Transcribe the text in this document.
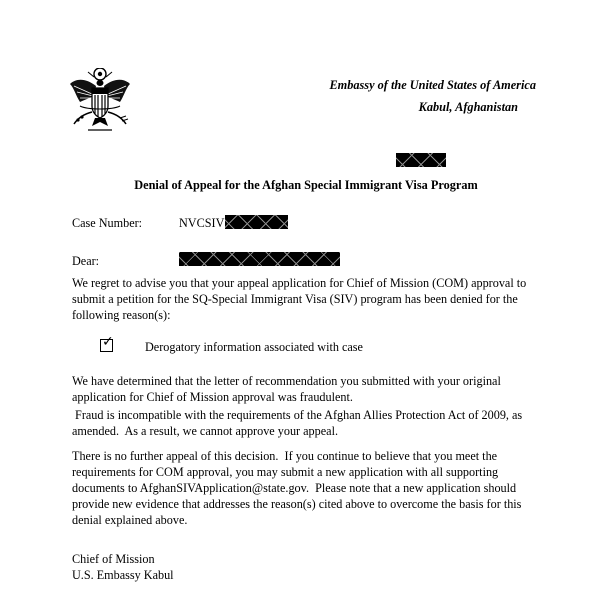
Embassy of the United States of America

Kabul, Afghanistan

Denial of Appeal for the Afghan Special Immigrant Visa Program

Case Number:	NVCSIV

Dear:

We regret to advise you that your appeal application for Chief of Mission (COM) approval to submit a petition for the SQ-Special Immigrant Visa (SIV) program has been denied for the following reason(s):

✓	Derogatory information associated with case

We have determined that the letter of recommendation you submitted with your original application for Chief of Mission approval was fraudulent.

Fraud is incompatible with the requirements of the Afghan Allies Protection Act of 2009, as amended.  As a result, we cannot approve your appeal.

There is no further appeal of this decision.  If you continue to believe that you meet the requirements for COM approval, you may submit a new application with all supporting documents to AfghanSIVApplication@state.gov.  Please note that a new application should provide new evidence that addresses the reason(s) cited above to overcome the basis for this denial explained above.

Chief of Mission

U.S. Embassy Kabul
